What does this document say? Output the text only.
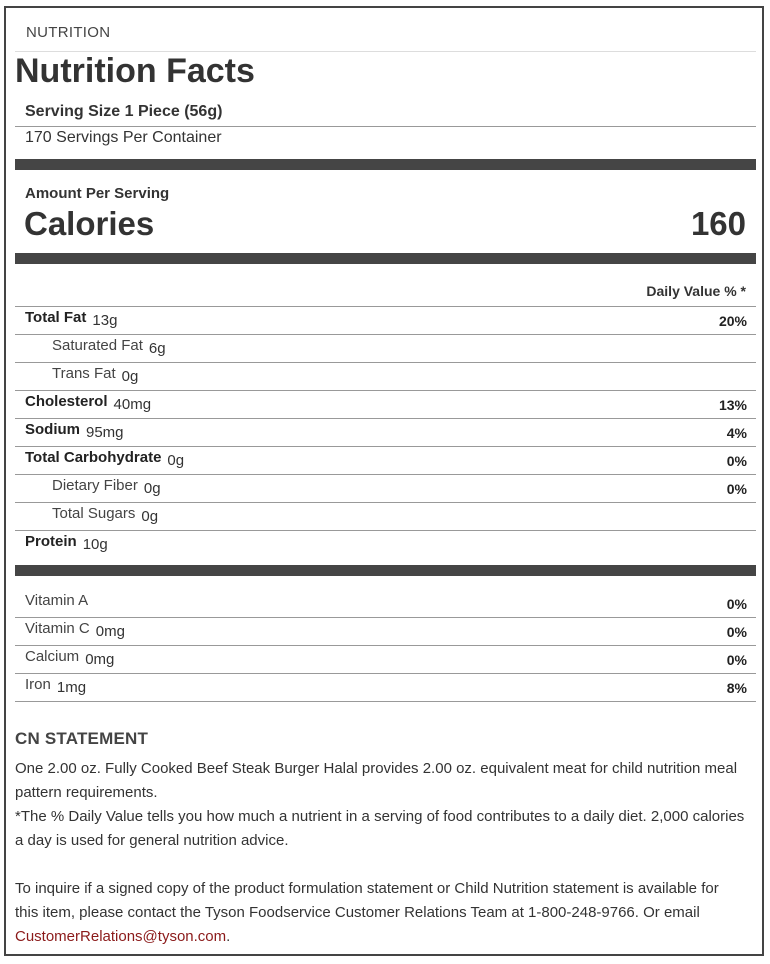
NUTRITION
Nutrition Facts
Serving Size 1 Piece (56g)
170 Servings Per Container
Amount Per Serving
Calories	160
Daily Value % *
Total Fat 13g	20%
Saturated Fat 6g
Trans Fat 0g
Cholesterol 40mg	13%
Sodium 95mg	4%
Total Carbohydrate 0g	0%
Dietary Fiber 0g	0%
Total Sugars 0g
Protein 10g
Vitamin A	0%
Vitamin C 0mg	0%
Calcium 0mg	0%
Iron 1mg	8%
CN STATEMENT
One 2.00 oz. Fully Cooked Beef Steak Burger Halal provides 2.00 oz. equivalent meat for child nutrition meal pattern requirements.
*The % Daily Value tells you how much a nutrient in a serving of food contributes to a daily diet. 2,000 calories a day is used for general nutrition advice.
To inquire if a signed copy of the product formulation statement or Child Nutrition statement is available for this item, please contact the Tyson Foodservice Customer Relations Team at 1-800-248-9766. Or email CustomerRelations@tyson.com.
